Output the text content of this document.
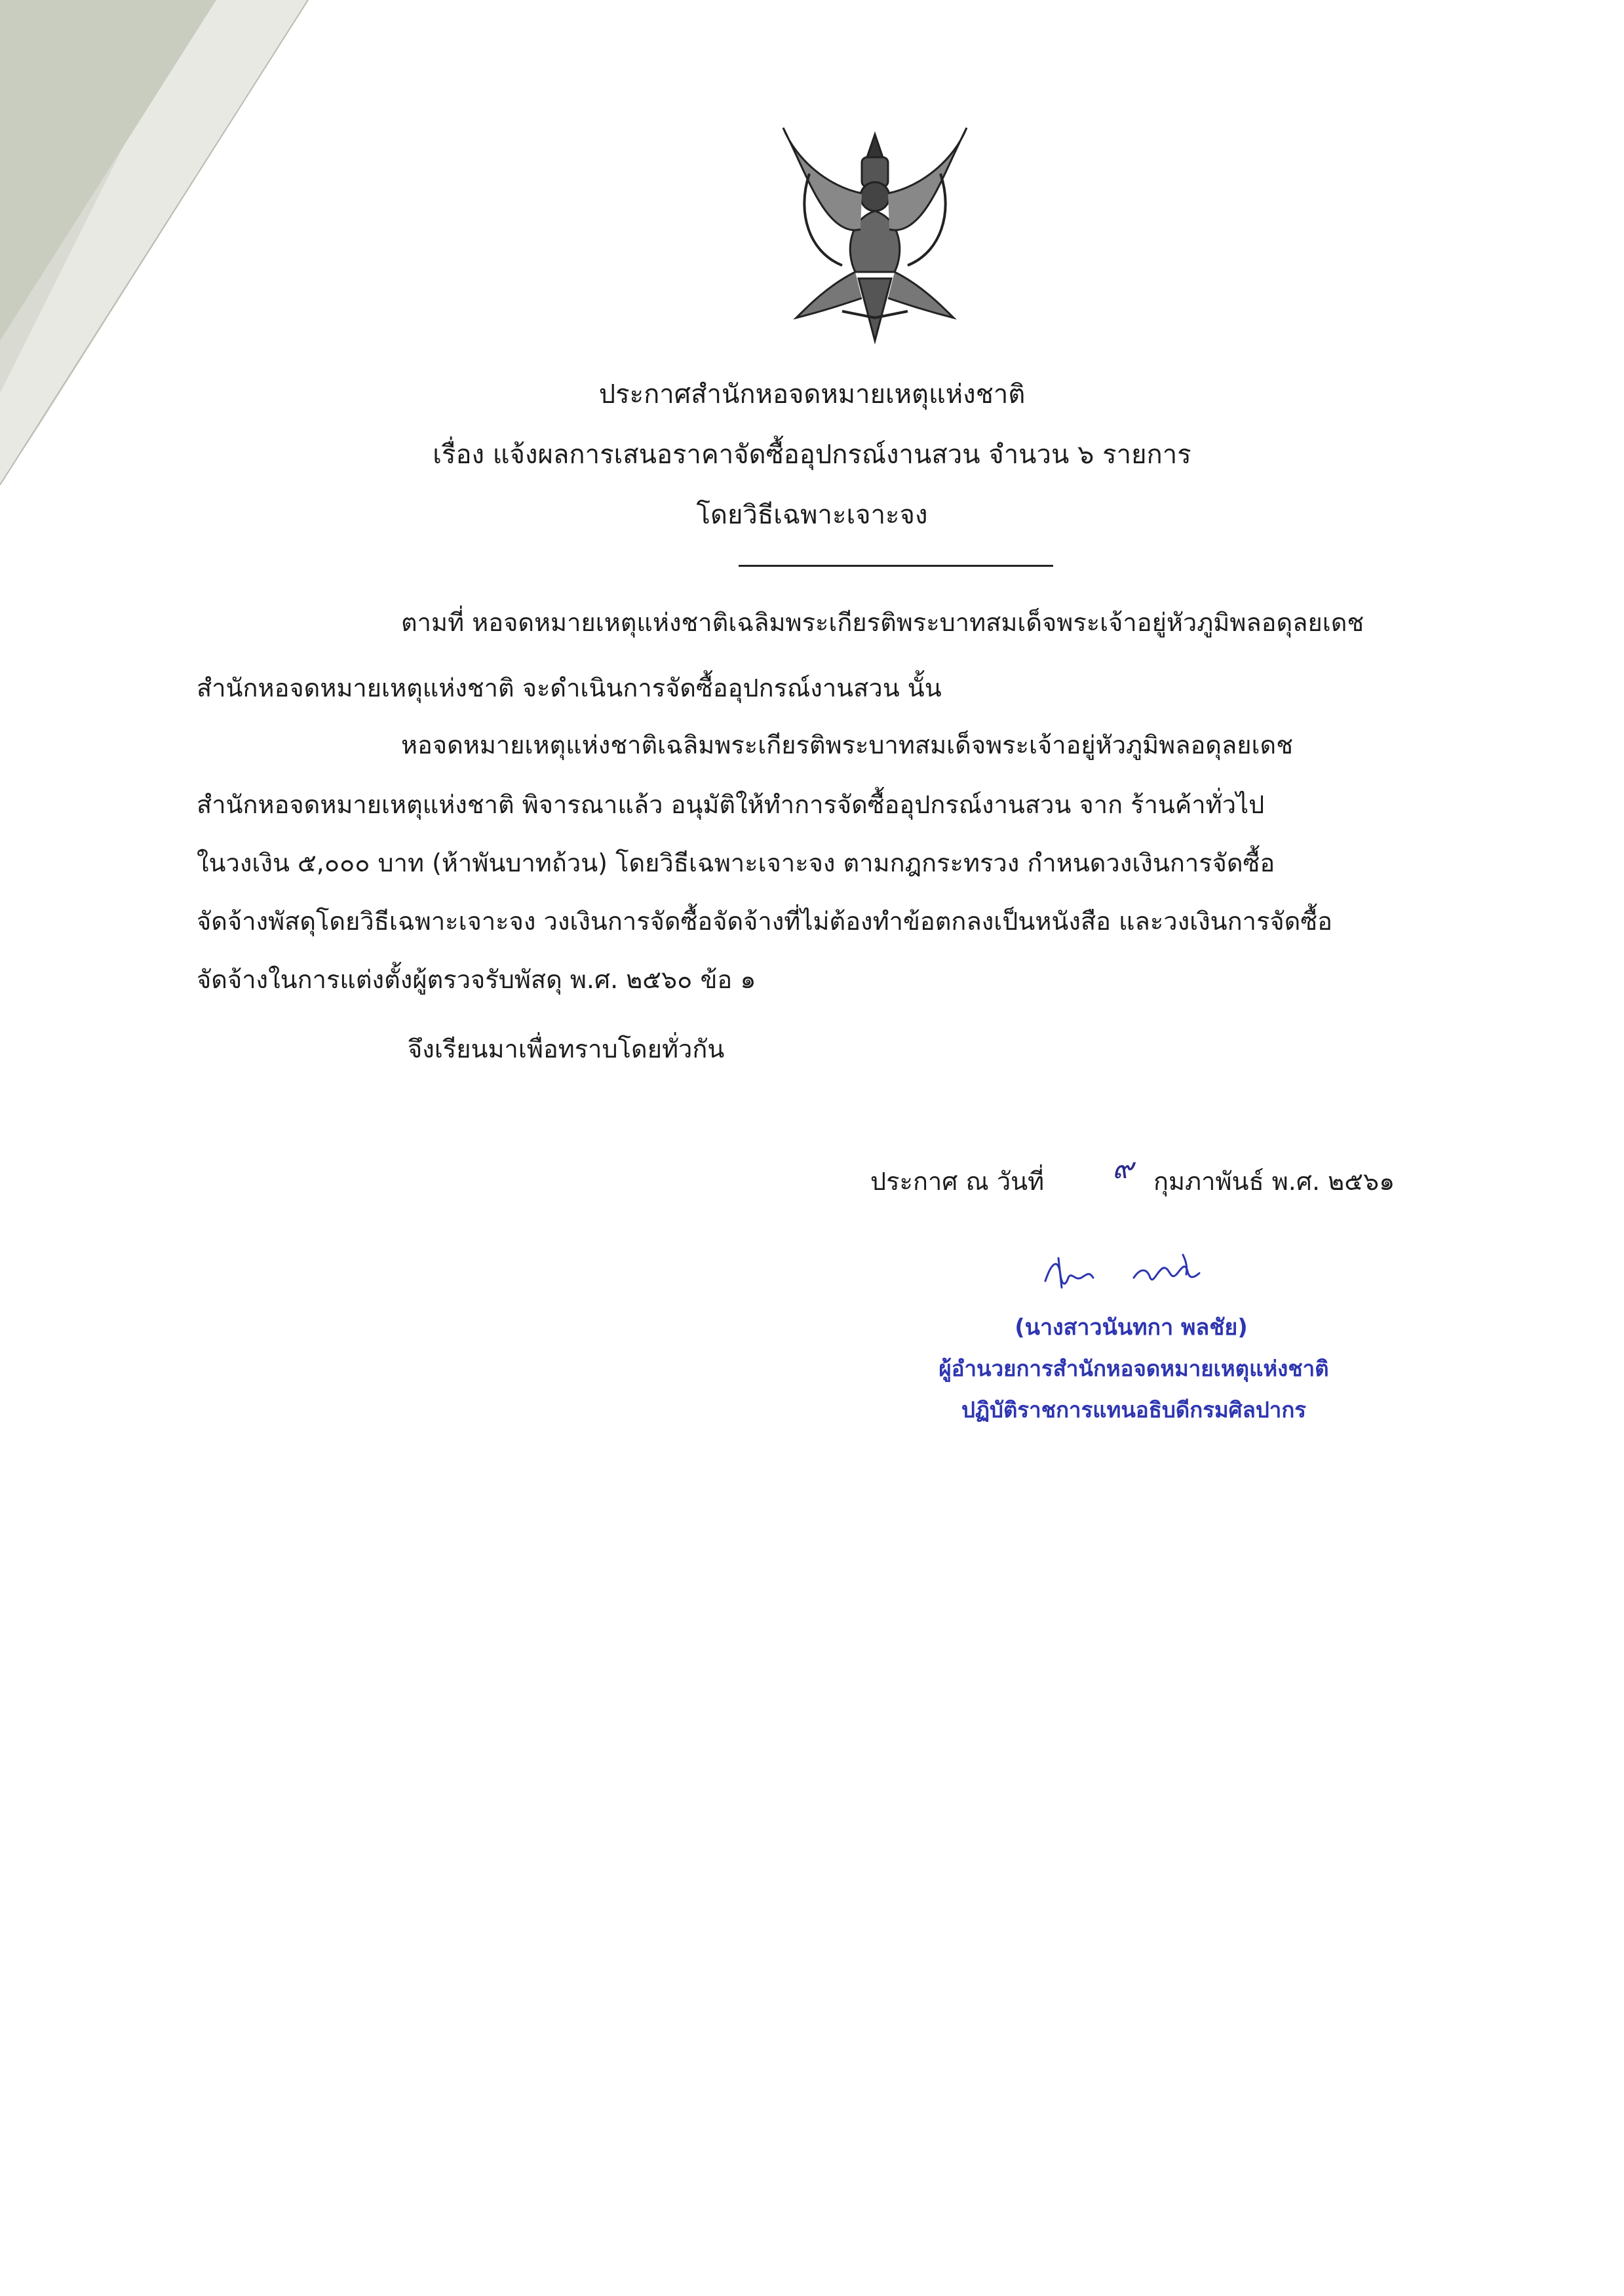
ประกาศสำนักหอจดหมายเหตุแห่งชาติ
เรื่อง แจ้งผลการเสนอราคาจัดซื้ออุปกรณ์งานสวน จำนวน ๖ รายการ
โดยวิธีเฉพาะเจาะจง
ตามที่ หอจดหมายเหตุแห่งชาติเฉลิมพระเกียรติพระบาทสมเด็จพระเจ้าอยู่หัวภูมิพลอดุลยเดช
สำนักหอจดหมายเหตุแห่งชาติ จะดำเนินการจัดซื้ออุปกรณ์งานสวน นั้น
หอจดหมายเหตุแห่งชาติเฉลิมพระเกียรติพระบาทสมเด็จพระเจ้าอยู่หัวภูมิพลอดุลยเดช
สำนักหอจดหมายเหตุแห่งชาติ พิจารณาแล้ว อนุมัติให้ทำการจัดซื้ออุปกรณ์งานสวน จาก ร้านค้าทั่วไป
ในวงเงิน ๕,๐๐๐ บาท (ห้าพันบาทถ้วน) โดยวิธีเฉพาะเจาะจง ตามกฎกระทรวง กำหนดวงเงินการจัดซื้อ
จัดจ้างพัสดุโดยวิธีเฉพาะเจาะจง วงเงินการจัดซื้อจัดจ้างที่ไม่ต้องทำข้อตกลงเป็นหนังสือ และวงเงินการจัดซื้อ
จัดจ้างในการแต่งตั้งผู้ตรวจรับพัสดุ พ.ศ. ๒๕๖๐ ข้อ ๑
จึงเรียนมาเพื่อทราบโดยทั่วกัน
ประกาศ ณ วันที่ ๙ กุมภาพันธ์ พ.ศ. ๒๕๖๑
(นางสาวนันทกา พลชัย)
ผู้อำนวยการสำนักหอจดหมายเหตุแห่งชาติ
ปฏิบัติราชการแทนอธิบดีกรมศิลปากร
